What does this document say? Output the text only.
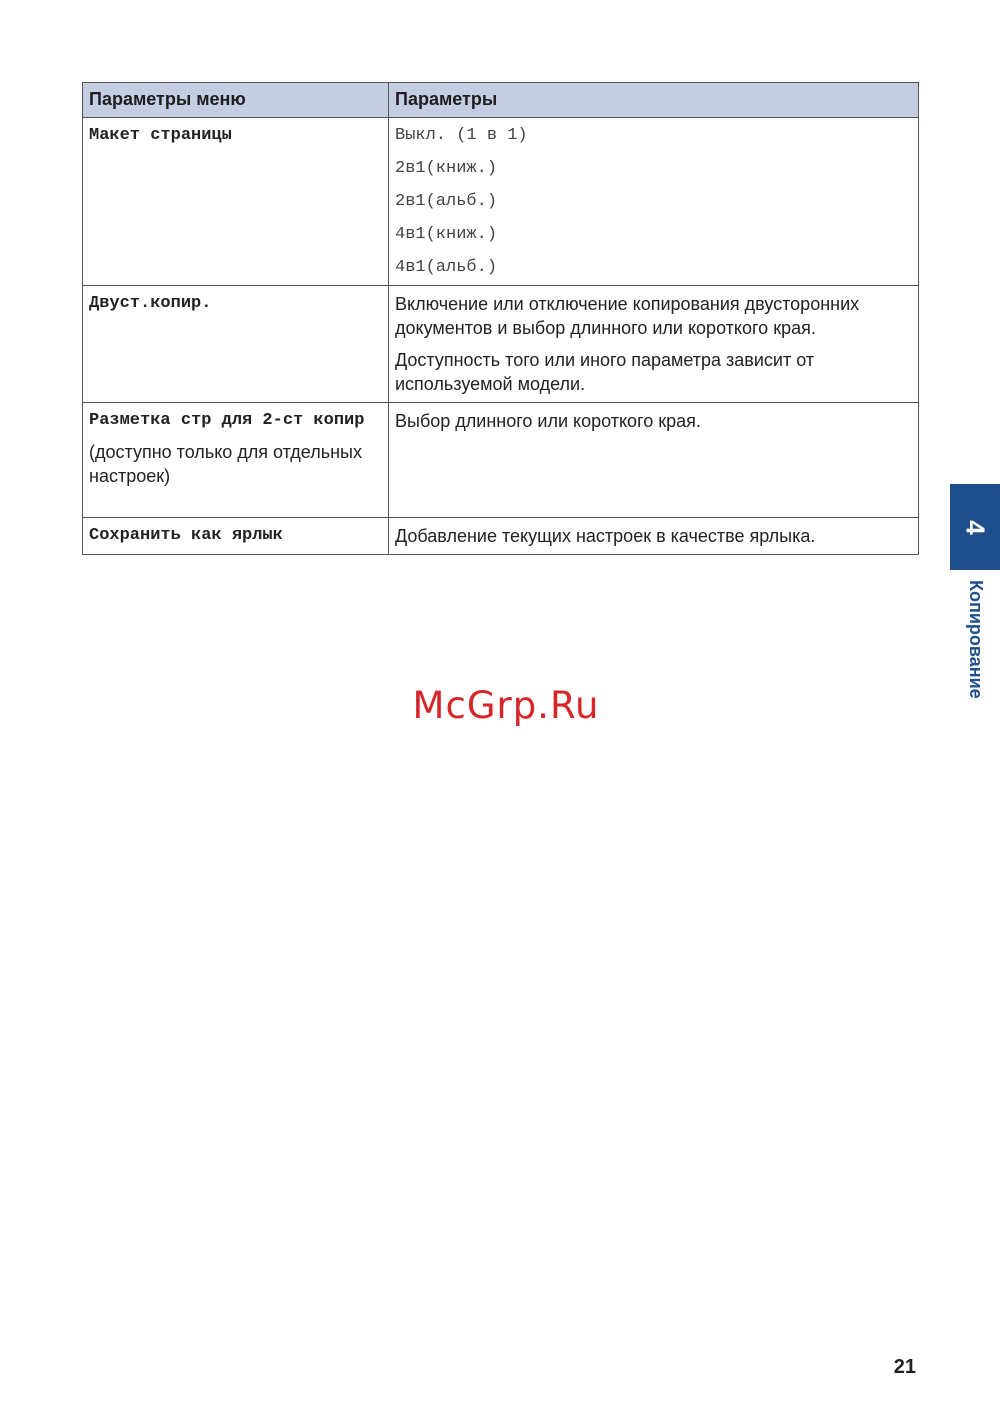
Параметры меню	Параметры

Макет страницы	Выкл. (1 в 1)
2в1(книж.)
2в1(альб.)
4в1(книж.)
4в1(альб.)

Двуст.копир.	Включение или отключение копирования двусторонних документов и выбор длинного или короткого края.
Доступность того или иного параметра зависит от используемой модели.

Разметка стр для 2-ст копир
(доступно только для отдельных настроек)	Выбор длинного или короткого края.

Сохранить как ярлык	Добавление текущих настроек в качестве ярлыка.	4
Копирование
McGrp.Ru
21
